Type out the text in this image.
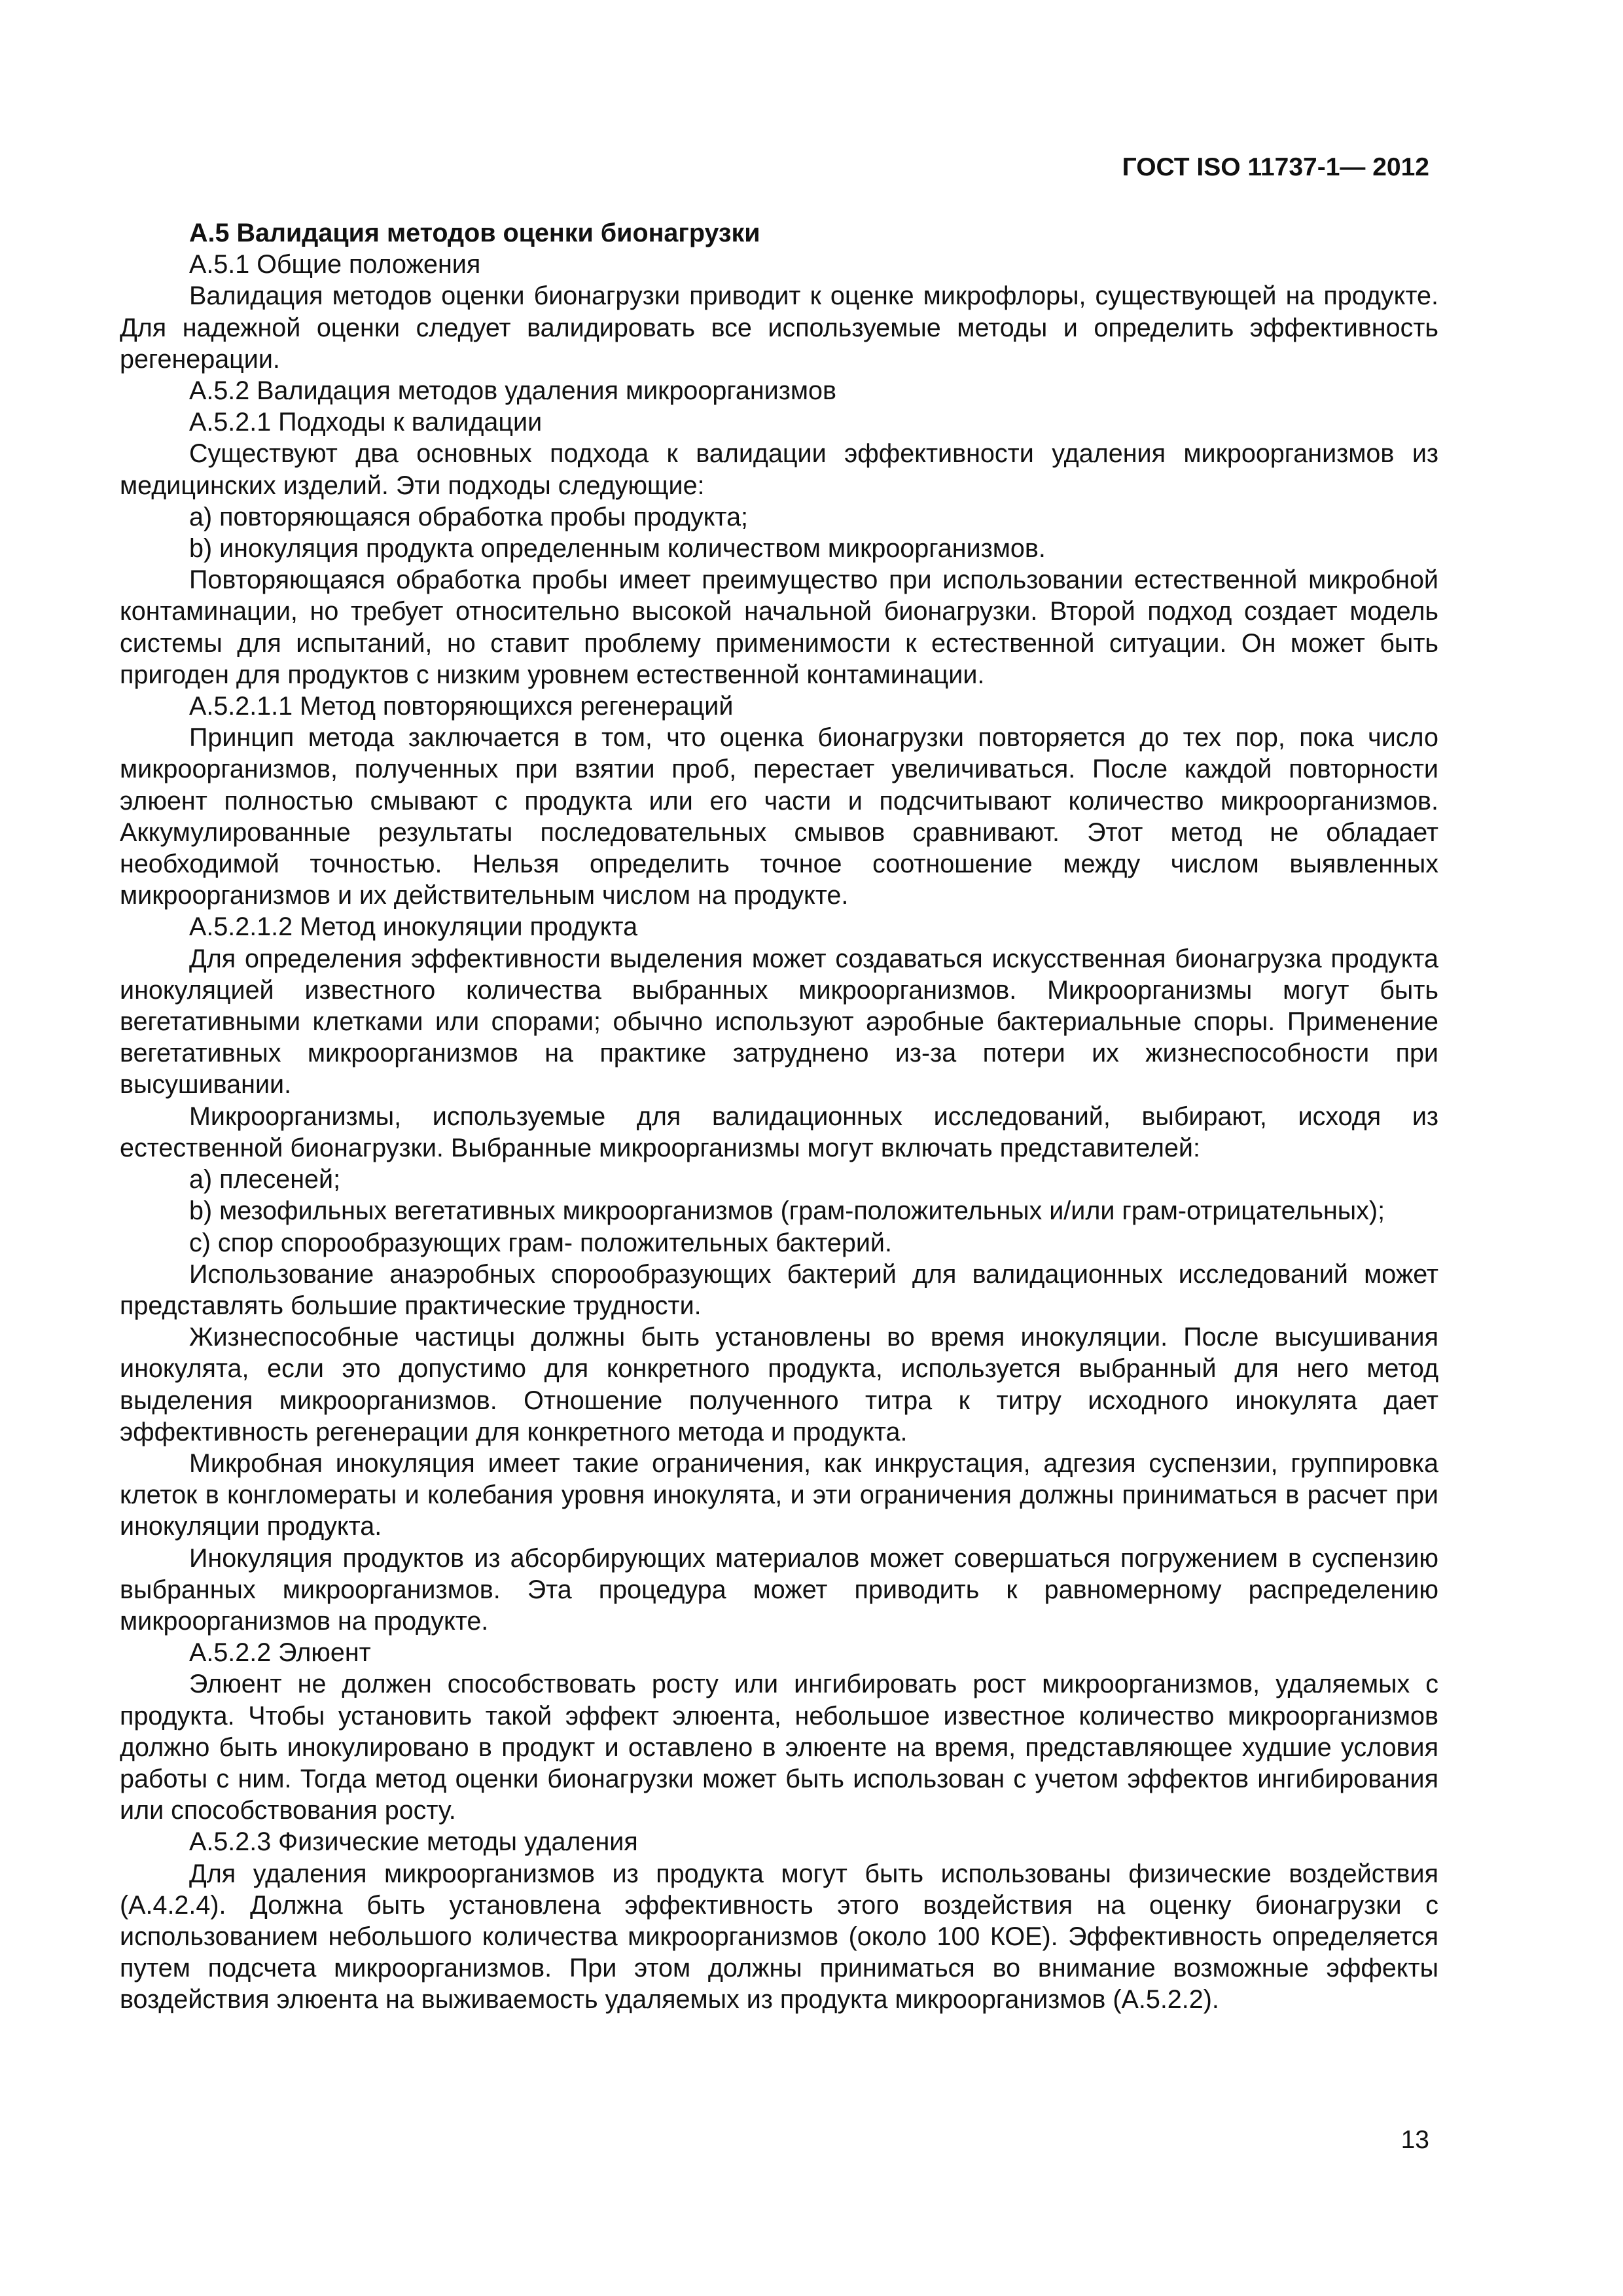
ГОСТ ISO 11737-1— 2012

А.5 Валидация методов оценки бионагрузки

А.5.1 Общие положения

Валидация методов оценки бионагрузки приводит к оценке микрофлоры, существующей на продукте. Для надежной оценки следует валидировать все используемые методы и определить эффективность регенерации.

А.5.2 Валидация методов удаления микроорганизмов

А.5.2.1 Подходы к валидации

Существуют два основных подхода к валидации эффективности удаления микроорганизмов из медицинских изделий. Эти подходы следующие:

а) повторяющаяся обработка пробы продукта;

b) инокуляция продукта определенным количеством микроорганизмов.

Повторяющаяся обработка пробы имеет преимущество при использовании естественной микробной контаминации, но требует относительно высокой начальной бионагрузки. Второй подход создает модель системы для испытаний, но ставит проблему применимости к естественной ситуации. Он может быть пригоден для продуктов с низким уровнем естественной контаминации.

А.5.2.1.1 Метод повторяющихся регенераций

Принцип метода заключается в том, что оценка бионагрузки повторяется до тех пор, пока число микроорганизмов, полученных при взятии проб, перестает увеличиваться. После каждой повторности элюент полностью смывают с продукта или его части и подсчитывают количество микроорганизмов. Аккумулированные результаты последовательных смывов сравнивают. Этот метод не обладает необходимой точностью. Нельзя определить точное соотношение между числом выявленных микроорганизмов и их действительным числом на продукте.

А.5.2.1.2 Метод инокуляции продукта

Для определения эффективности выделения может создаваться искусственная бионагрузка продукта инокуляцией известного количества выбранных микроорганизмов. Микроорганизмы могут быть вегетативными клетками или спорами; обычно используют аэробные бактериальные споры. Применение вегетативных микроорганизмов на практике затруднено из-за потери их жизнеспособности при высушивании.

Микроорганизмы, используемые для валидационных исследований, выбирают, исходя из естественной бионагрузки. Выбранные микроорганизмы могут включать представителей:

а) плесеней;

b) мезофильных вегетативных микроорганизмов (грам-положительных и/или грам-отрицательных);

с) спор спорообразующих грам- положительных бактерий.

Использование анаэробных спорообразующих бактерий для валидационных исследований может представлять большие практические трудности.

Жизнеспособные частицы должны быть установлены во время инокуляции. После высушивания инокулята, если это допустимо для конкретного продукта, используется выбранный для него метод выделения микроорганизмов. Отношение полученного титра к титру исходного инокулята дает эффективность регенерации для конкретного метода и продукта.

Микробная инокуляция имеет такие ограничения, как инкрустация, адгезия суспензии, группировка клеток в конгломераты и колебания уровня инокулята, и эти ограничения должны приниматься в расчет при инокуляции продукта.

Инокуляция продуктов из абсорбирующих материалов может совершаться погружением в суспензию выбранных микроорганизмов. Эта процедура может приводить к равномерному распределению микроорганизмов на продукте.

А.5.2.2 Элюент

Элюент не должен способствовать росту или ингибировать рост микроорганизмов, удаляемых с продукта. Чтобы установить такой эффект элюента, небольшое известное количество микроорганизмов должно быть инокулировано в продукт и оставлено в элюенте на время, представляющее худшие условия работы с ним. Тогда метод оценки бионагрузки может быть использован с учетом эффектов ингибирования или способствования росту.

А.5.2.3 Физические методы удаления

Для удаления микроорганизмов из продукта могут быть использованы физические воздействия (А.4.2.4). Должна быть установлена эффективность этого воздействия на оценку бионагрузки с использованием небольшого количества микроорганизмов (около 100 КОЕ). Эффективность определяется путем подсчета микроорганизмов. При этом должны приниматься во внимание возможные эффекты воздействия элюента на выживаемость удаляемых из продукта микроорганизмов (А.5.2.2).

13
